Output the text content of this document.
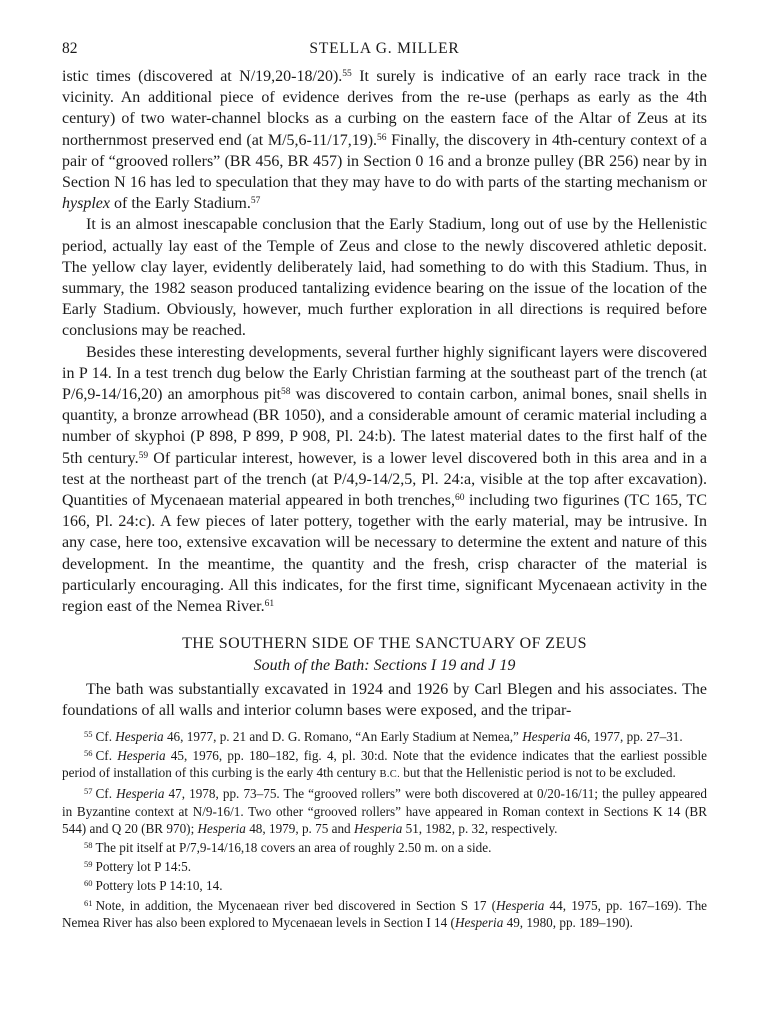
82	STELLA G. MILLER

istic times (discovered at N/19,20-18/20).$^{55}$ It surely is indicative of an early race track in the vicinity. An additional piece of evidence derives from the re-use (perhaps as early as the 4th century) of two water-channel blocks as a curbing on the eastern face of the Altar of Zeus at its northernmost preserved end (at M/5,6-11/17,19).$^{56}$ Finally, the discovery in 4th-century context of a pair of “grooved rollers” (BR 456, BR 457) in Section 0 16 and a bronze pulley (BR 256) near by in Section N 16 has led to speculation that they may have to do with parts of the starting mechanism or hysplex of the Early Stadium.$^{57}$

It is an almost inescapable conclusion that the Early Stadium, long out of use by the Hellenistic period, actually lay east of the Temple of Zeus and close to the newly discovered athletic deposit. The yellow clay layer, evidently deliberately laid, had something to do with this Stadium. Thus, in summary, the 1982 season produced tantalizing evidence bearing on the issue of the location of the Early Stadium. Obviously, however, much further exploration in all directions is required before conclusions may be reached.

Besides these interesting developments, several further highly significant layers were discovered in P 14. In a test trench dug below the Early Christian farming at the southeast part of the trench (at P/6,9-14/16,20) an amorphous pit$^{58}$ was discovered to contain carbon, animal bones, snail shells in quantity, a bronze arrowhead (BR 1050), and a considerable amount of ceramic material including a number of skyphoi (P 898, P 899, P 908, Pl. 24:b). The latest material dates to the first half of the 5th century.$^{59}$ Of particular interest, however, is a lower level discovered both in this area and in a test at the northeast part of the trench (at P/4,9-14/2,5, Pl. 24:a, visible at the top after excavation). Quantities of Mycenaean material appeared in both trenches,$^{60}$ including two figurines (TC 165, TC 166, Pl. 24:c). A few pieces of later pottery, together with the early material, may be intrusive. In any case, here too, extensive excavation will be necessary to determine the extent and nature of this development. In the meantime, the quantity and the fresh, crisp character of the material is particularly encouraging. All this indicates, for the first time, significant Mycenaean activity in the region east of the Nemea River.$^{61}$

THE SOUTHERN SIDE OF THE SANCTUARY OF ZEUS
South of the Bath: Sections I 19 and J 19

The bath was substantially excavated in 1924 and 1926 by Carl Blegen and his associates. The foundations of all walls and interior column bases were exposed, and the tripar-

$^{55}$ Cf. Hesperia 46, 1977, p. 21 and D. G. Romano, “An Early Stadium at Nemea,” Hesperia 46, 1977, pp. 27–31.

$^{56}$ Cf. Hesperia 45, 1976, pp. 180–182, fig. 4, pl. 30:d. Note that the evidence indicates that the earliest possible period of installation of this curbing is the early 4th century B.C. but that the Hellenistic period is not to be excluded.

$^{57}$ Cf. Hesperia 47, 1978, pp. 73–75. The “grooved rollers” were both discovered at 0/20-16/11; the pulley appeared in Byzantine context at N/9-16/1. Two other “grooved rollers” have appeared in Roman context in Sections K 14 (BR 544) and Q 20 (BR 970); Hesperia 48, 1979, p. 75 and Hesperia 51, 1982, p. 32, respectively.

$^{58}$ The pit itself at P/7,9-14/16,18 covers an area of roughly 2.50 m. on a side.

$^{59}$ Pottery lot P 14:5.

$^{60}$ Pottery lots P 14:10, 14.

$^{61}$ Note, in addition, the Mycenaean river bed discovered in Section S 17 (Hesperia 44, 1975, pp. 167–169). The Nemea River has also been explored to Mycenaean levels in Section I 14 (Hesperia 49, 1980, pp. 189–190).
